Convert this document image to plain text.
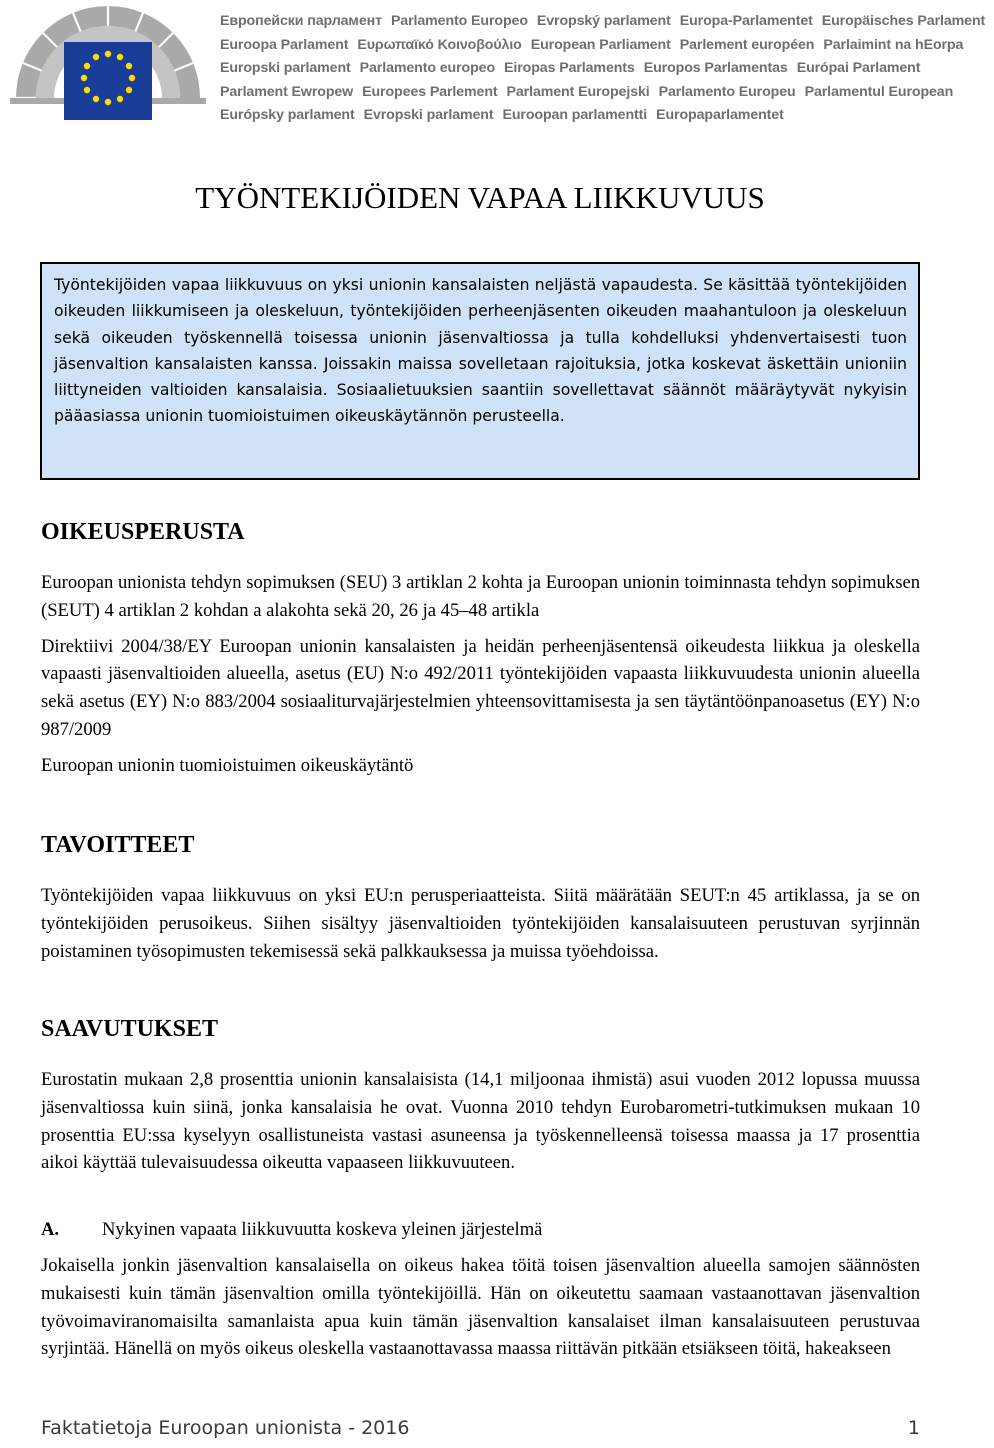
Европейски парламент Parlamento Europeo Evropský parlament Europa-Parlamentet Europäisches Parlament
Euroopa Parlament Ευρωπαϊκό Κοινοβούλιο European Parliament Parlement européen Parlaimint na hEorpa
Europski parlament Parlamento europeo Eiropas Parlaments Europos Parlamentas Európai Parlament
Parlament Ewropew Europees Parlement Parlament Europejski Parlamento Europeu Parlamentul European
Európsky parlament Evropski parlament Euroopan parlamentti Europaparlamentet
TYÖNTEKIJÖIDEN VAPAA LIIKKUVUUS
Työntekijöiden vapaa liikkuvuus on yksi unionin kansalaisten neljästä vapaudesta. Se käsittää työntekijöiden oikeuden liikkumiseen ja oleskeluun, työntekijöiden perheenjäsenten oikeuden maahantuloon ja oleskeluun sekä oikeuden työskennellä toisessa unionin jäsenvaltiossa ja tulla kohdelluksi yhdenvertaisesti tuon jäsenvaltion kansalaisten kanssa. Joissakin maissa sovelletaan rajoituksia, jotka koskevat äskettäin unioniin liittyneiden valtioiden kansalaisia. Sosiaalietuuksien saantiin sovellettavat säännöt määräytyvät nykyisin pääasiassa unionin tuomioistuimen oikeuskäytännön perusteella.
OIKEUSPERUSTA

Euroopan unionista tehdyn sopimuksen (SEU) 3 artiklan 2 kohta ja Euroopan unionin toiminnasta tehdyn sopimuksen (SEUT) 4 artiklan 2 kohdan a alakohta sekä 20, 26 ja 45–48 artikla

Direktiivi 2004/38/EY Euroopan unionin kansalaisten ja heidän perheenjäsentensä oikeudesta liikkua ja oleskella vapaasti jäsenvaltioiden alueella, asetus (EU) N:o 492/2011 työntekijöiden vapaasta liikkuvuudesta unionin alueella sekä asetus (EY) N:o 883/2004 sosiaaliturvajärjestelmien yhteensovittamisesta ja sen täytäntöönpanoasetus (EY) N:o 987/2009

Euroopan unionin tuomioistuimen oikeuskäytäntö

TAVOITTEET

Työntekijöiden vapaa liikkuvuus on yksi EU:n perusperiaatteista. Siitä määrätään SEUT:n 45 artiklassa, ja se on työntekijöiden perusoikeus. Siihen sisältyy jäsenvaltioiden työntekijöiden kansalaisuuteen perustuvan syrjinnän poistaminen työsopimusten tekemisessä sekä palkkauksessa ja muissa työehdoissa.

SAAVUTUKSET

Eurostatin mukaan 2,8 prosenttia unionin kansalaisista (14,1 miljoonaa ihmistä) asui vuoden 2012 lopussa muussa jäsenvaltiossa kuin siinä, jonka kansalaisia he ovat. Vuonna 2010 tehdyn Eurobarometri-tutkimuksen mukaan 10 prosenttia EU:ssa kyselyyn osallistuneista vastasi asuneensa ja työskennelleensä toisessa maassa ja 17 prosenttia aikoi käyttää tulevaisuudessa oikeutta vapaaseen liikkuvuuteen.

A. Nykyinen vapaata liikkuvuutta koskeva yleinen järjestelmä

Jokaisella jonkin jäsenvaltion kansalaisella on oikeus hakea töitä toisen jäsenvaltion alueella samojen säännösten mukaisesti kuin tämän jäsenvaltion omilla työntekijöillä. Hän on oikeutettu saamaan vastaanottavan jäsenvaltion työvoimaviranomaisilta samanlaista apua kuin tämän jäsenvaltion kansalaiset ilman kansalaisuuteen perustuvaa syrjintää. Hänellä on myös oikeus oleskella vastaanottavassa maassa riittävän pitkään etsiäkseen töitä, hakeakseen

Faktatietoja Euroopan unionista - 2016	1
